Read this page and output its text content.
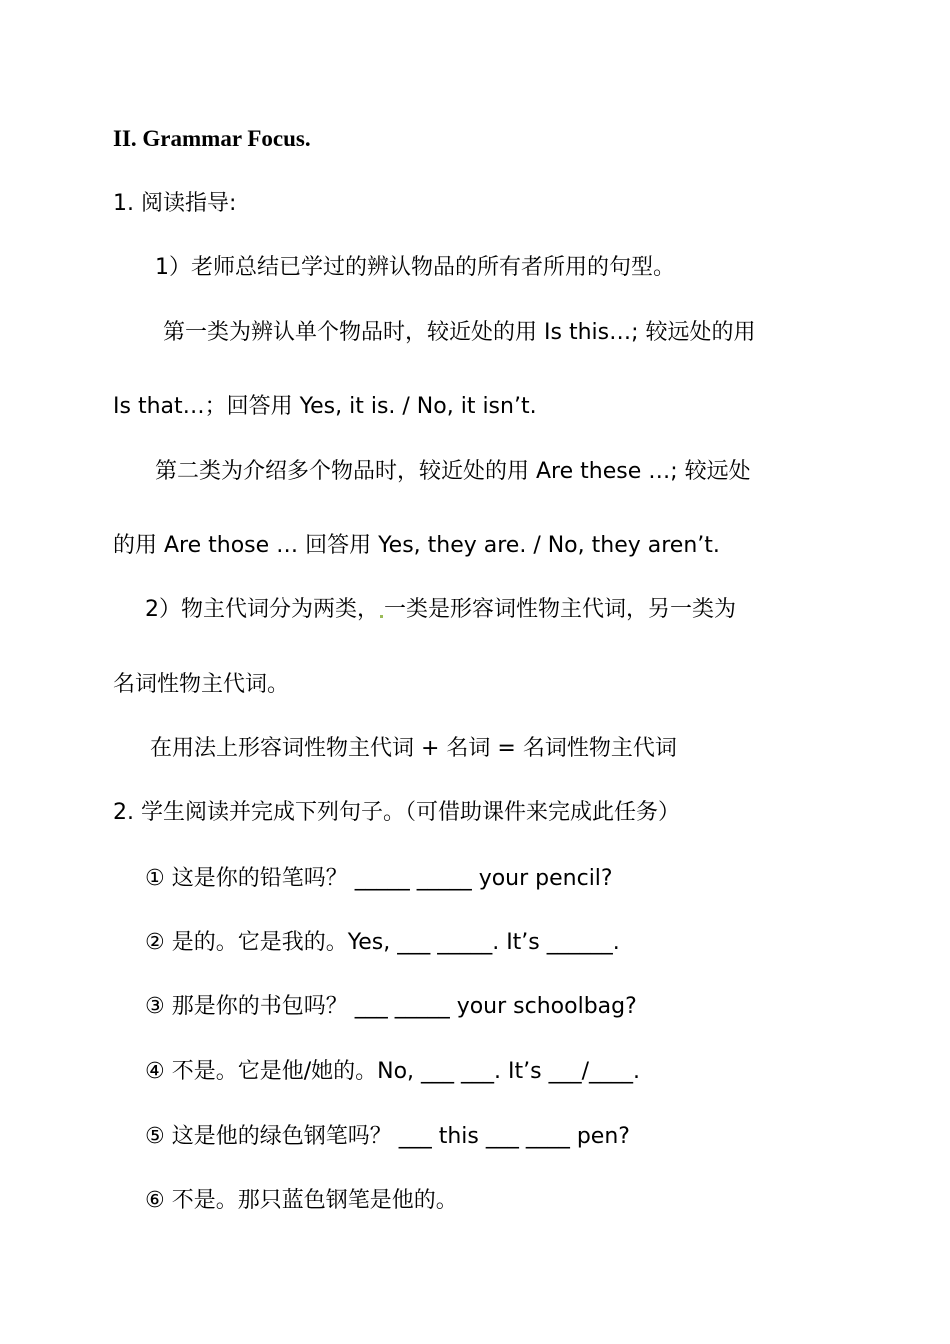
II. Grammar Focus.
1. 阅读指导:
1）老师总结已学过的辨认物品的所有者所用的句型。
第一类为辨认单个物品时，较近处的用 Is this…; 较远处的用
Is that…；回答用 Yes, it is. / No, it isn’t.
第二类为介绍多个物品时，较近处的用 Are these …; 较远处
的用 Are those … 回答用 Yes, they are. / No, they aren’t.
2）物主代词分为两类， 一类是形容词性物主代词，另一类为
名词性物主代词。
在用法上形容词性物主代词 + 名词 = 名词性物主代词
2. 学生阅读并完成下列句子。（可借助课件来完成此任务）
① 这是你的铅笔吗？ _____ _____ your pencil?
② 是的。它是我的。Yes, ___ _____. It’s ______.
③ 那是你的书包吗？ ___ _____ your schoolbag?
④ 不是。它是他/她的。No, ___ ___. It’s ___/____.
⑤ 这是他的绿色钢笔吗？ ___ this ___ ____ pen?
⑥ 不是。那只蓝色钢笔是他的。
